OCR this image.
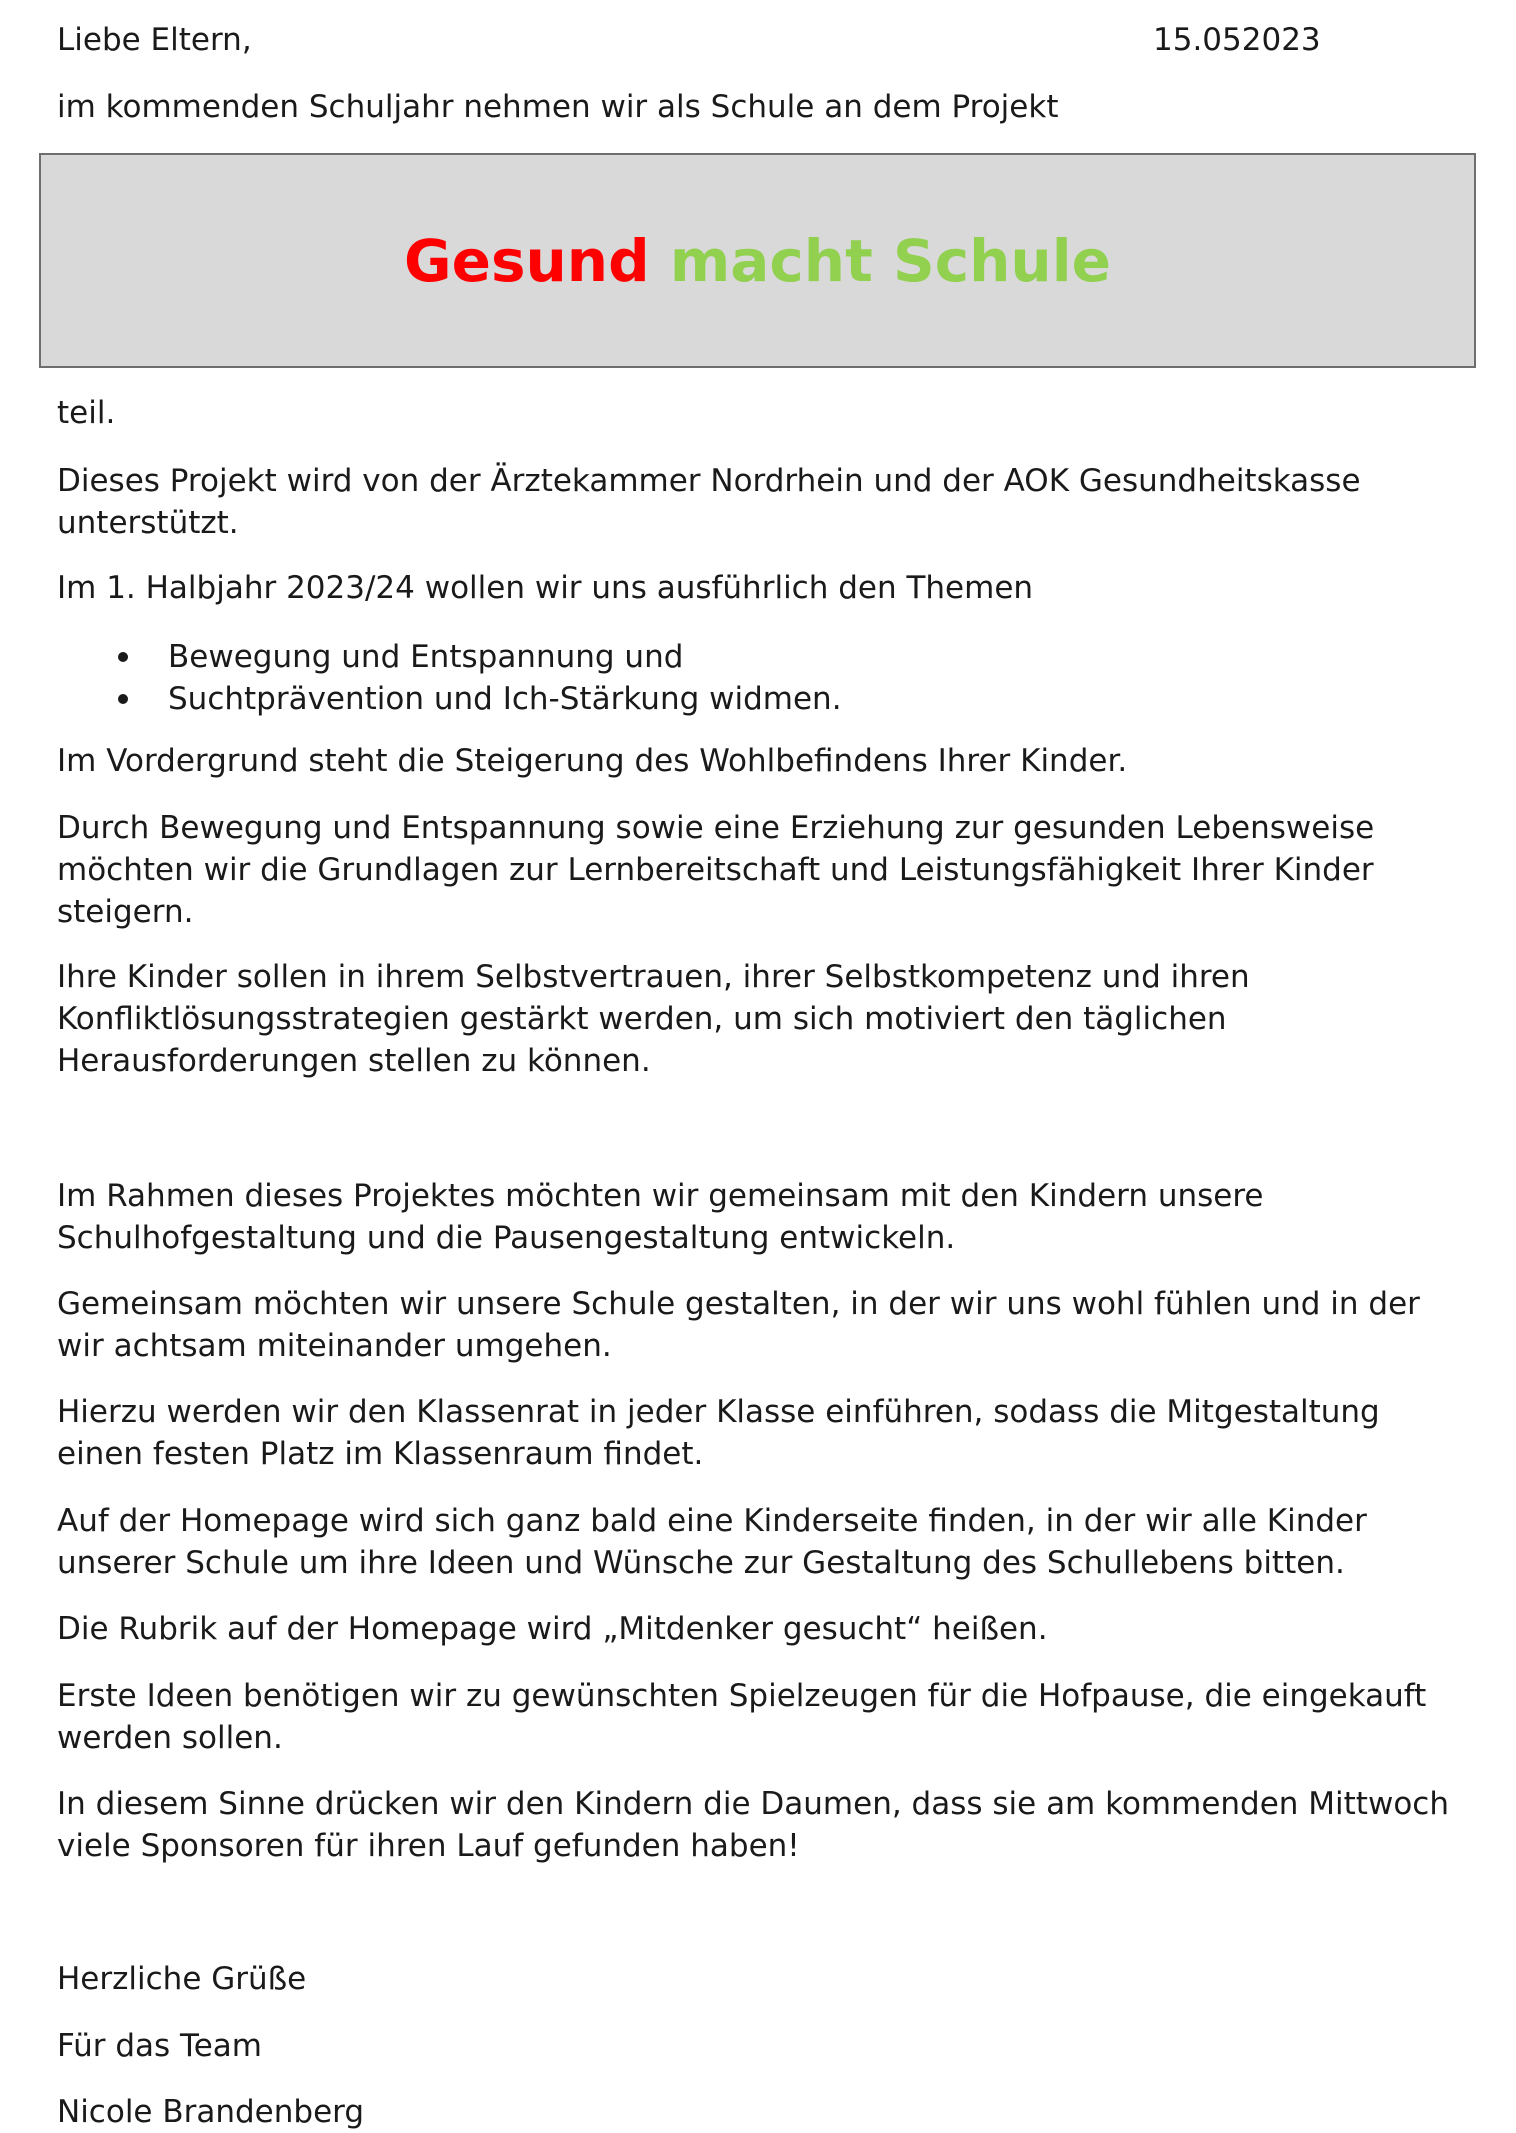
Liebe Eltern,	15.052023
im kommenden Schuljahr nehmen wir als Schule an dem Projekt
Gesund macht Schule
teil.
Dieses Projekt wird von der Ärztekammer Nordrhein und der AOK Gesundheitskasse unterstützt.
Im 1. Halbjahr 2023/24 wollen wir uns ausführlich den Themen
Bewegung und Entspannung und
Suchtprävention und Ich-Stärkung widmen.
Im Vordergrund steht die Steigerung des Wohlbefindens Ihrer Kinder.
Durch Bewegung und Entspannung sowie eine Erziehung zur gesunden Lebensweise möchten wir die Grundlagen zur Lernbereitschaft und Leistungsfähigkeit Ihrer Kinder steigern.
Ihre Kinder sollen in ihrem Selbstvertrauen, ihrer Selbstkompetenz und ihren Konfliktlösungsstrategien gestärkt werden, um sich motiviert den täglichen Herausforderungen stellen zu können.
Im Rahmen dieses Projektes möchten wir gemeinsam mit den Kindern unsere Schulhofgestaltung und die Pausengestaltung entwickeln.
Gemeinsam möchten wir unsere Schule gestalten, in der wir uns wohl fühlen und in der wir achtsam miteinander umgehen.
Hierzu werden wir den Klassenrat in jeder Klasse einführen, sodass die Mitgestaltung einen festen Platz im Klassenraum findet.
Auf der Homepage wird sich ganz bald eine Kinderseite finden, in der wir alle Kinder unserer Schule um ihre Ideen und Wünsche zur Gestaltung des Schullebens bitten.
Die Rubrik auf der Homepage wird „Mitdenker gesucht“ heißen.
Erste Ideen benötigen wir zu gewünschten Spielzeugen für die Hofpause, die eingekauft werden sollen.
In diesem Sinne drücken wir den Kindern die Daumen, dass sie am kommenden Mittwoch viele Sponsoren für ihren Lauf gefunden haben!
Herzliche Grüße
Für das Team
Nicole Brandenberg
